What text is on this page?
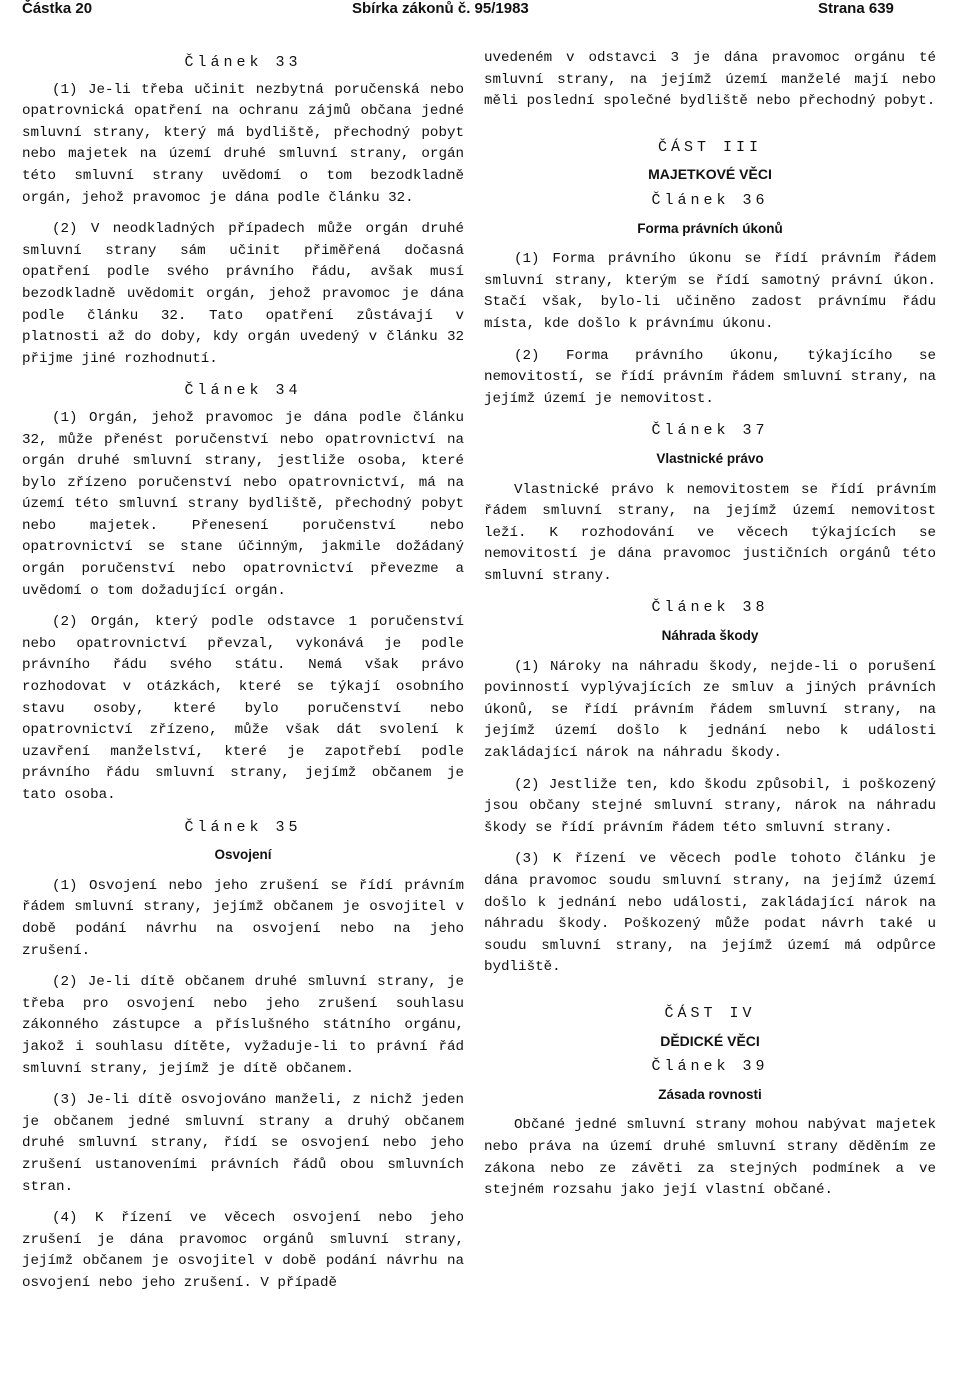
Částka 20	Sbírka zákonů č. 95/1983	Strana 639
Článek 33

(1) Je-li třeba učinit nezbytná poručenská nebo opatrovnická opatření na ochranu zájmů občana jedné smluvní strany, který má bydliště, přechodný pobyt nebo majetek na území druhé smluvní strany, orgán této smluvní strany uvědomí o tom bezodkladně orgán, jehož pravomoc je dána podle článku 32.

(2) V neodkladných případech může orgán druhé smluvní strany sám učinit přiměřená dočasná opatření podle svého právního řádu, avšak musí bezodkladně uvědomit orgán, jehož pravomoc je dána podle článku 32. Tato opatření zůstávají v platnosti až do doby, kdy orgán uvedený v článku 32 přijme jiné rozhodnutí.

Článek 34

(1) Orgán, jehož pravomoc je dána podle článku 32, může přenést poručenství nebo opatrovnictví na orgán druhé smluvní strany, jestliže osoba, které bylo zřízeno poručenství nebo opatrovnictví, má na území této smluvní strany bydliště, přechodný pobyt nebo majetek. Přenesení poručenství nebo opatrovnictví se stane účinným, jakmile dožádaný orgán poručenství nebo opatrovnictví převezme a uvědomí o tom dožadující orgán.

(2) Orgán, který podle odstavce 1 poručenství nebo opatrovnictví převzal, vykonává je podle právního řádu svého státu. Nemá však právo rozhodovat v otázkách, které se týkají osobního stavu osoby, které bylo poručenství nebo opatrovnictví zřízeno, může však dát svolení k uzavření manželství, které je zapotřebí podle právního řádu smluvní strany, jejímž občanem je tato osoba.

Článek 35
Osvojení

(1) Osvojení nebo jeho zrušení se řídí právním řádem smluvní strany, jejímž občanem je osvojitel v době podání návrhu na osvojení nebo na jeho zrušení.

(2) Je-li dítě občanem druhé smluvní strany, je třeba pro osvojení nebo jeho zrušení souhlasu zákonného zástupce a příslušného státního orgánu, jakož i souhlasu dítěte, vyžaduje-li to právní řád smluvní strany, jejímž je dítě občanem.

(3) Je-li dítě osvojováno manželi, z nichž jeden je občanem jedné smluvní strany a druhý občanem druhé smluvní strany, řídí se osvojení nebo jeho zrušení ustanoveními právních řádů obou smluvních stran.

(4) K řízení ve věcech osvojení nebo jeho zrušení je dána pravomoc orgánů smluvní strany, jejímž občanem je osvojitel v době podání návrhu na osvojení nebo jeho zrušení. V případě

uvedeném v odstavci 3 je dána pravomoc orgánu té smluvní strany, na jejímž území manželé mají nebo měli poslední společné bydliště nebo přechodný pobyt.

ČÁST III
MAJETKOVÉ VĚCI
Článek 36
Forma právních úkonů

(1) Forma právního úkonu se řídí právním řádem smluvní strany, kterým se řídí samotný právní úkon. Stačí však, bylo-li učiněno zadost právnímu řádu místa, kde došlo k právnímu úkonu.

(2) Forma právního úkonu, týkajícího se nemovitostí, se řídí právním řádem smluvní strany, na jejímž území je nemovitost.

Článek 37
Vlastnické právo

Vlastnické právo k nemovitostem se řídí právním řádem smluvní strany, na jejímž území nemovitost leží. K rozhodování ve věcech týkajících se nemovitostí je dána pravomoc justičních orgánů této smluvní strany.

Článek 38
Náhrada škody

(1) Nároky na náhradu škody, nejde-li o porušení povinností vyplývajících ze smluv a jiných právních úkonů, se řídí právním řádem smluvní strany, na jejímž území došlo k jednání nebo k události zakládající nárok na náhradu škody.

(2) Jestliže ten, kdo škodu způsobil, i poškozený jsou občany stejné smluvní strany, nárok na náhradu škody se řídí právním řádem této smluvní strany.

(3) K řízení ve věcech podle tohoto článku je dána pravomoc soudu smluvní strany, na jejímž území došlo k jednání nebo události, zakládající nárok na náhradu škody. Poškozený může podat návrh také u soudu smluvní strany, na jejímž území má odpůrce bydliště.

ČÁST IV
DĚDICKÉ VĚCI
Článek 39
Zásada rovnosti

Občané jedné smluvní strany mohou nabývat majetek nebo práva na území druhé smluvní strany děděním ze zákona nebo ze závěti za stejných podmínek a ve stejném rozsahu jako její vlastní občané.
